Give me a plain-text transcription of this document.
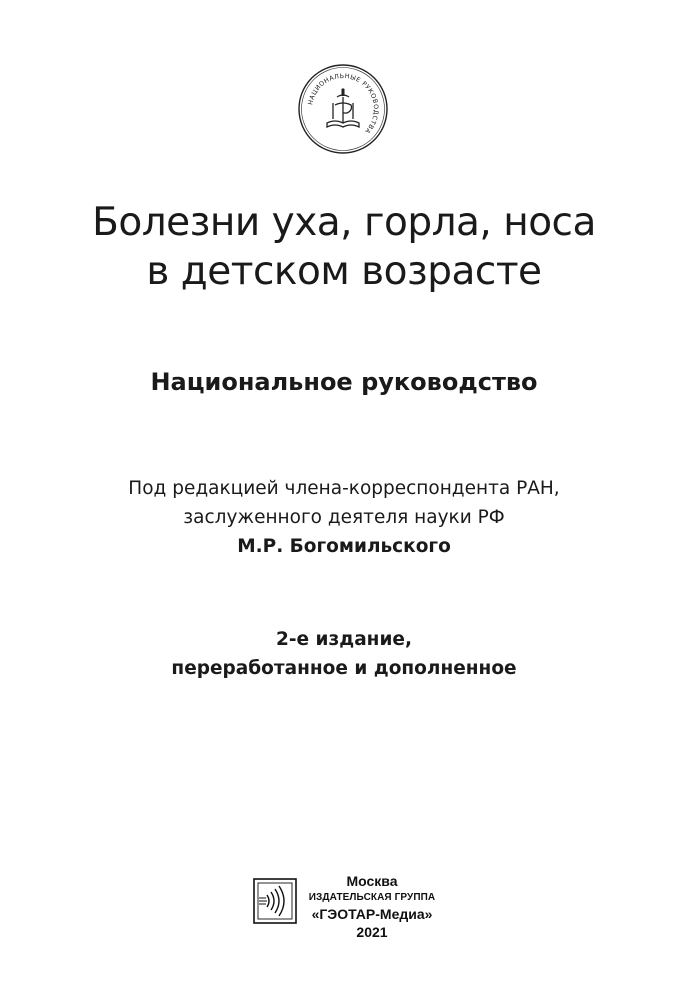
НАЦИОНАЛЬНЫЕ РУКОВОДСТВА
Болезни уха, горла, носа
в детском возрасте
Национальное руководство
Под редакцией члена-корреспондента РАН,
заслуженного деятеля науки РФ
М.Р. Богомильского
2-е издание,
переработанное и дополненное
Москва
ИЗДАТЕЛЬСКАЯ ГРУППА
«ГЭОТАР-Медиа»
2021
